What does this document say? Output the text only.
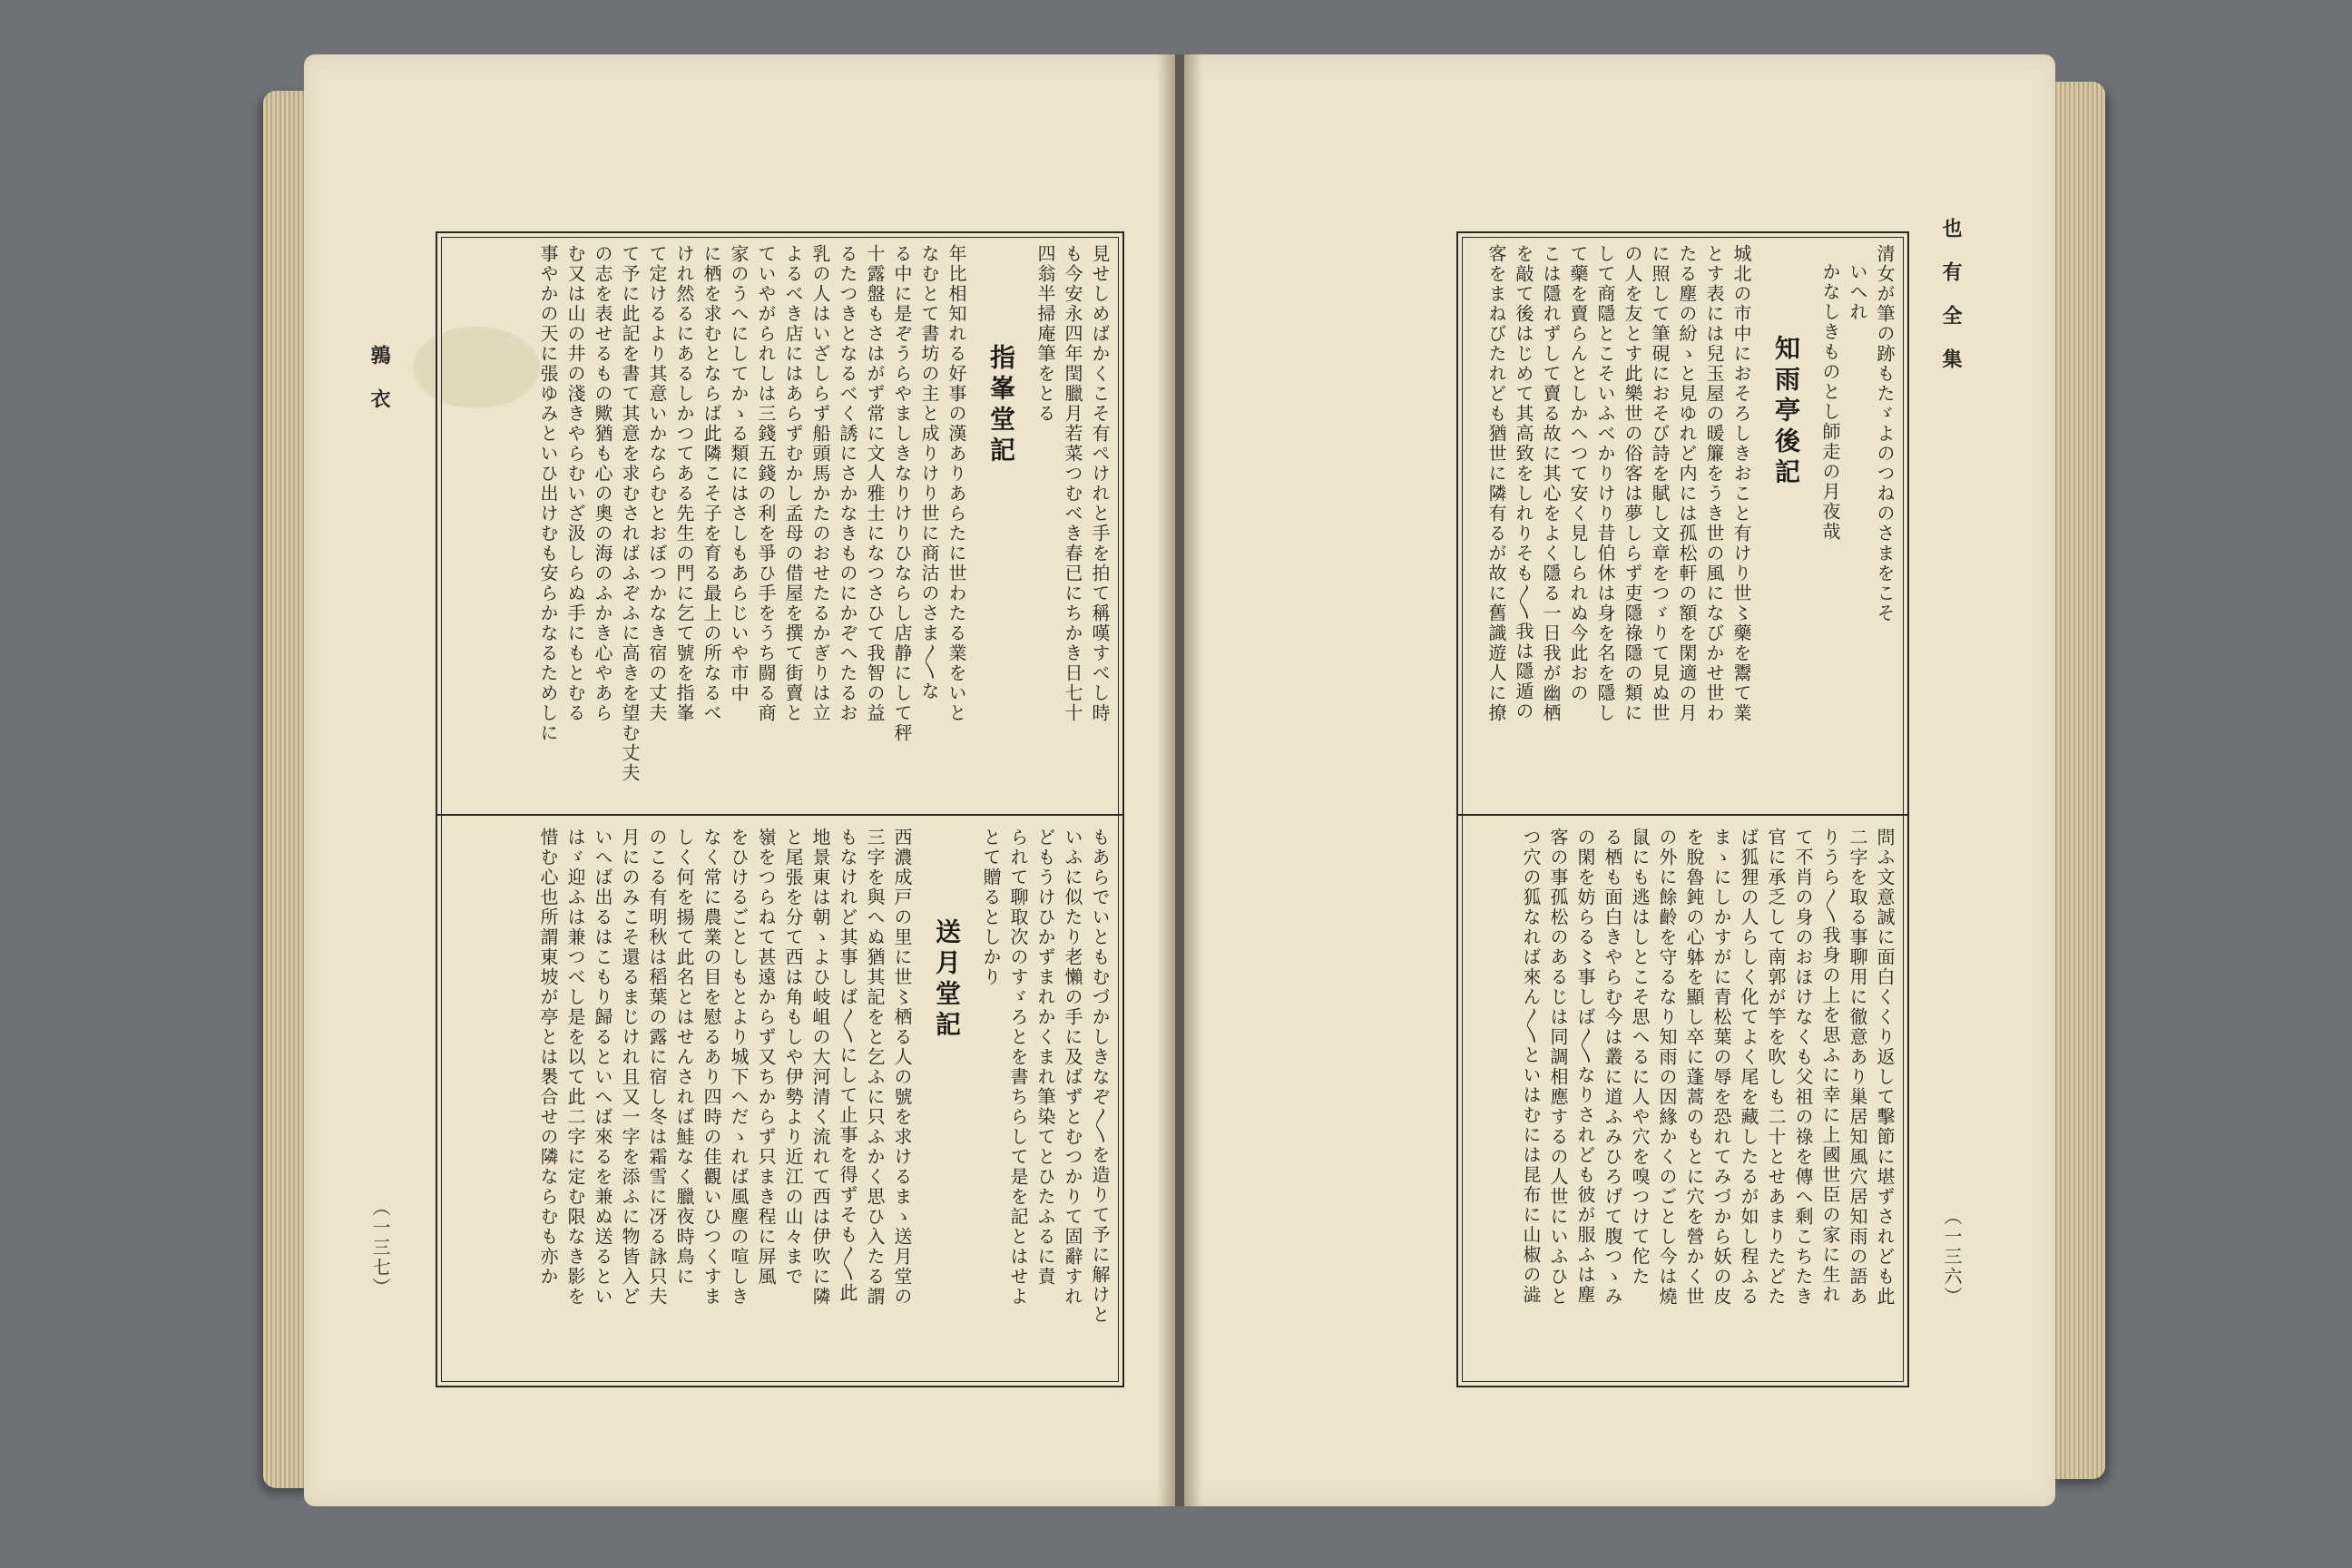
鶉衣
（一三七）
見せしめばかくこそ有ぺけれと手を拍て稱嘆すべし時
も今安永四年閏臘月若菜つむべき春已にちかき日七十
四翁半掃庵筆をとる
指峯堂記
年比相知れる好事の漢ありあらたに世わたる業をいと
なむとて書坊の主と成りけり世に商沽のさま〳〵な
る中に是ぞうらやましきなりけりひならし店静にして秤
十露盤もさはがず常に文人雅士になつさひて我智の益
るたつきとなるべく誘にさかなきものにかぞへたるお
乳の人はいざしらず船頭馬かたのおせたるかぎりは立
よるべき店にはあらずむかし孟母の借屋を撰て街賣と
ていやがられしは三錢五錢の利を爭ひ手をうち闘る商
家のうへにしてかゝる類にはさしもあらじいや市中
に栖を求むとならば此隣こそ子を育る最上の所なるべ
けれ然るにあるしかつてある先生の門に乞て號を指峯
て定けるより其意いかならむとおぼつかなき宿の丈夫
て予に此記を書て其意を求むさればふぞふに高きを望む丈夫
の志を表せるもの歟猶も心の奧の海のふかき心やあら
む又は山の井の淺きやらむいざ汲しらぬ手にもとむる
事やかの天に張ゆみといひ出けむも安らかなるためしに
もあらでいともむづかしきなぞ〳〵を造りて予に解けと
いふに似たり老懶の手に及ばずとむつかりて固辭すれ
どもうけひかずまれかくまれ筆染てとひたふるに責
られて聊取次のすゞろとを書ちらして是を記とはせよ
とて贈るとしかり
送月堂記
西濃成戸の里に世〻栖る人の號を求けるまゝ送月堂の
三字を與へぬ猶其記をと乞ふに只ふかく思ひ入たる謂
もなけれど其事しば〳〵にして止事を得ずそも〳〵此
地景東は朝ゝよひ岐岨の大河清く流れて西は伊吹に隣
と尾張を分て西は角もしや伊勢より近江の山々まで
嶺をつらねて甚遠からず又ちからず只まき程に屏風
をひけるごとしもとより城下へだゝれば風塵の喧しき
なく常に農業の目を慰るあり四時の佳觀いひつくすま
しく何を揚て此名とはせんされば鮭なく臘夜時鳥に
のこる有明秋は稻葉の露に宿し冬は霜雪に冴る詠只夫
月にのみこそ還るまじけれ且又一字を添ふに物皆入ど
いへば出るはこもり歸るといへば來るを兼ぬ送るとい
はゞ迎ふは兼つべし是を以て此二字に定む限なき影を
惜む心也所謂東坡が亭とは褁合せの隣ならむも亦か
也有全集
（一三六）
清女が筆の跡もたゞよのつねのさまをこそ
いへれ
かなしきものとし師走の月夜哉
知雨亭後記
城北の市中におそろしきおこと有けり世〻藥を鬻て業
とす表には兒玉屋の暖簾をうき世の風になびかせ世わ
たる塵の紛ゝと見ゆれど内には孤松軒の額を閑適の月
に照して筆硯におそび詩を賦し文章をつゞりて見ぬ世
の人を友とす此樂世の俗客は夢しらず吏隱祿隱の類に
して商隱とこそいふべかりけり昔伯休は身を名を隱し
て藥を賣らんとしかへつて安く見しられぬ今此おの
こは隱れずして賣る故に其心をよく隱る一日我が幽栖
を敲て後はじめて其高致をしれりそも〳〵我は隱遁の
客をまねびたれども猶世に隣有るが故に舊識遊人に撩
問ふ文意誠に面白くくり返して擊節に堪ずされども此
二字を取る事聊用に徹意あり巢居知風穴居知雨の語あ
りうら〳〵我身の上を思ふに幸に上國世臣の家に生れ
て不肖の身のおほけなくも父祖の祿を傳へ剩こちたき
官に承乏して南郭が竽を吹しも二十とせあまりたどた
ば狐狸の人らしく化てよく尾を藏したるが如し程ふる
まゝにしかすがに青松葉の辱を恐れてみづから妖の皮
を脫魯鈍の心躰を顯し卒に蓬蒿のもとに穴を營かく世
の外に餘齡を守るなり知雨の因緣かくのごとし今は燒
鼠にも逃はしとこそ思へるに人や穴を嗅つけて佗た
る栖も面白きやらむ今は叢に道ふみひろげて腹つゝみ
の閑を妨らる〻事しば〳〵なりされども彼が服ふは塵
客の事孤松のあるじは同調相應するの人世にいふひと
つ穴の狐なれば來ん〳〵といはむには昆布に山椒の澁
